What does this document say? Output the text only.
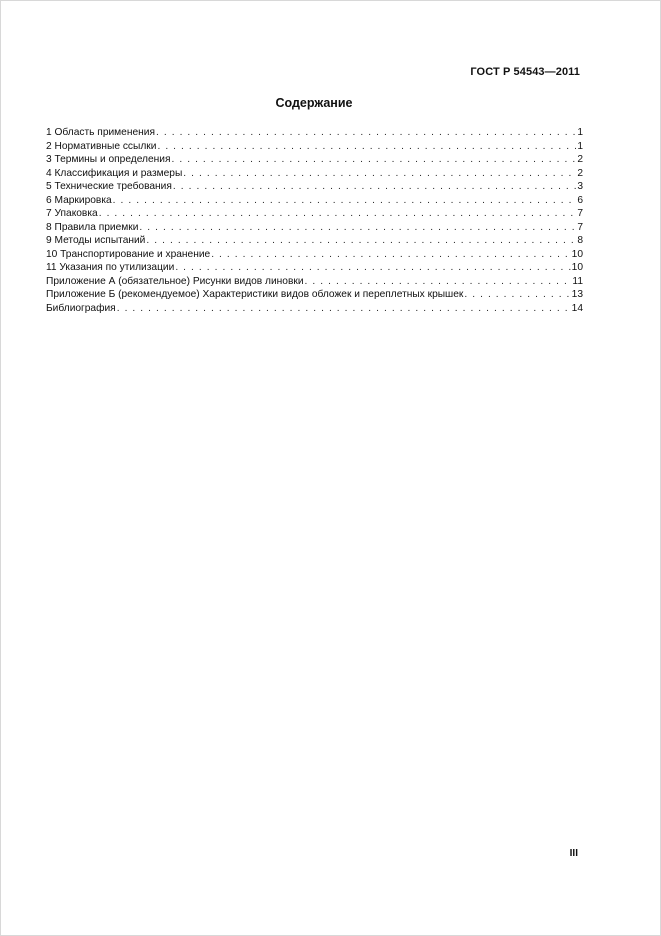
ГОСТ Р 54543—2011
Содержание
1 Область применения . . .	1
2 Нормативные ссылки . . .	1
3 Термины и определения . . .	2
4 Классификация и размеры . . .	2
5 Технические требования . . .	3
6 Маркировка . . .	6
7 Упаковка . . .	7
8 Правила приемки . . .	7
9 Методы испытаний . . .	8
10 Транспортирование и хранение . . .	10
11 Указания по утилизации . . .	10
Приложение А (обязательное) Рисунки видов линовки . . .	11
Приложение Б (рекомендуемое) Характеристики видов обложек и переплетных крышек . . .	13
Библиография . . .	14
III
